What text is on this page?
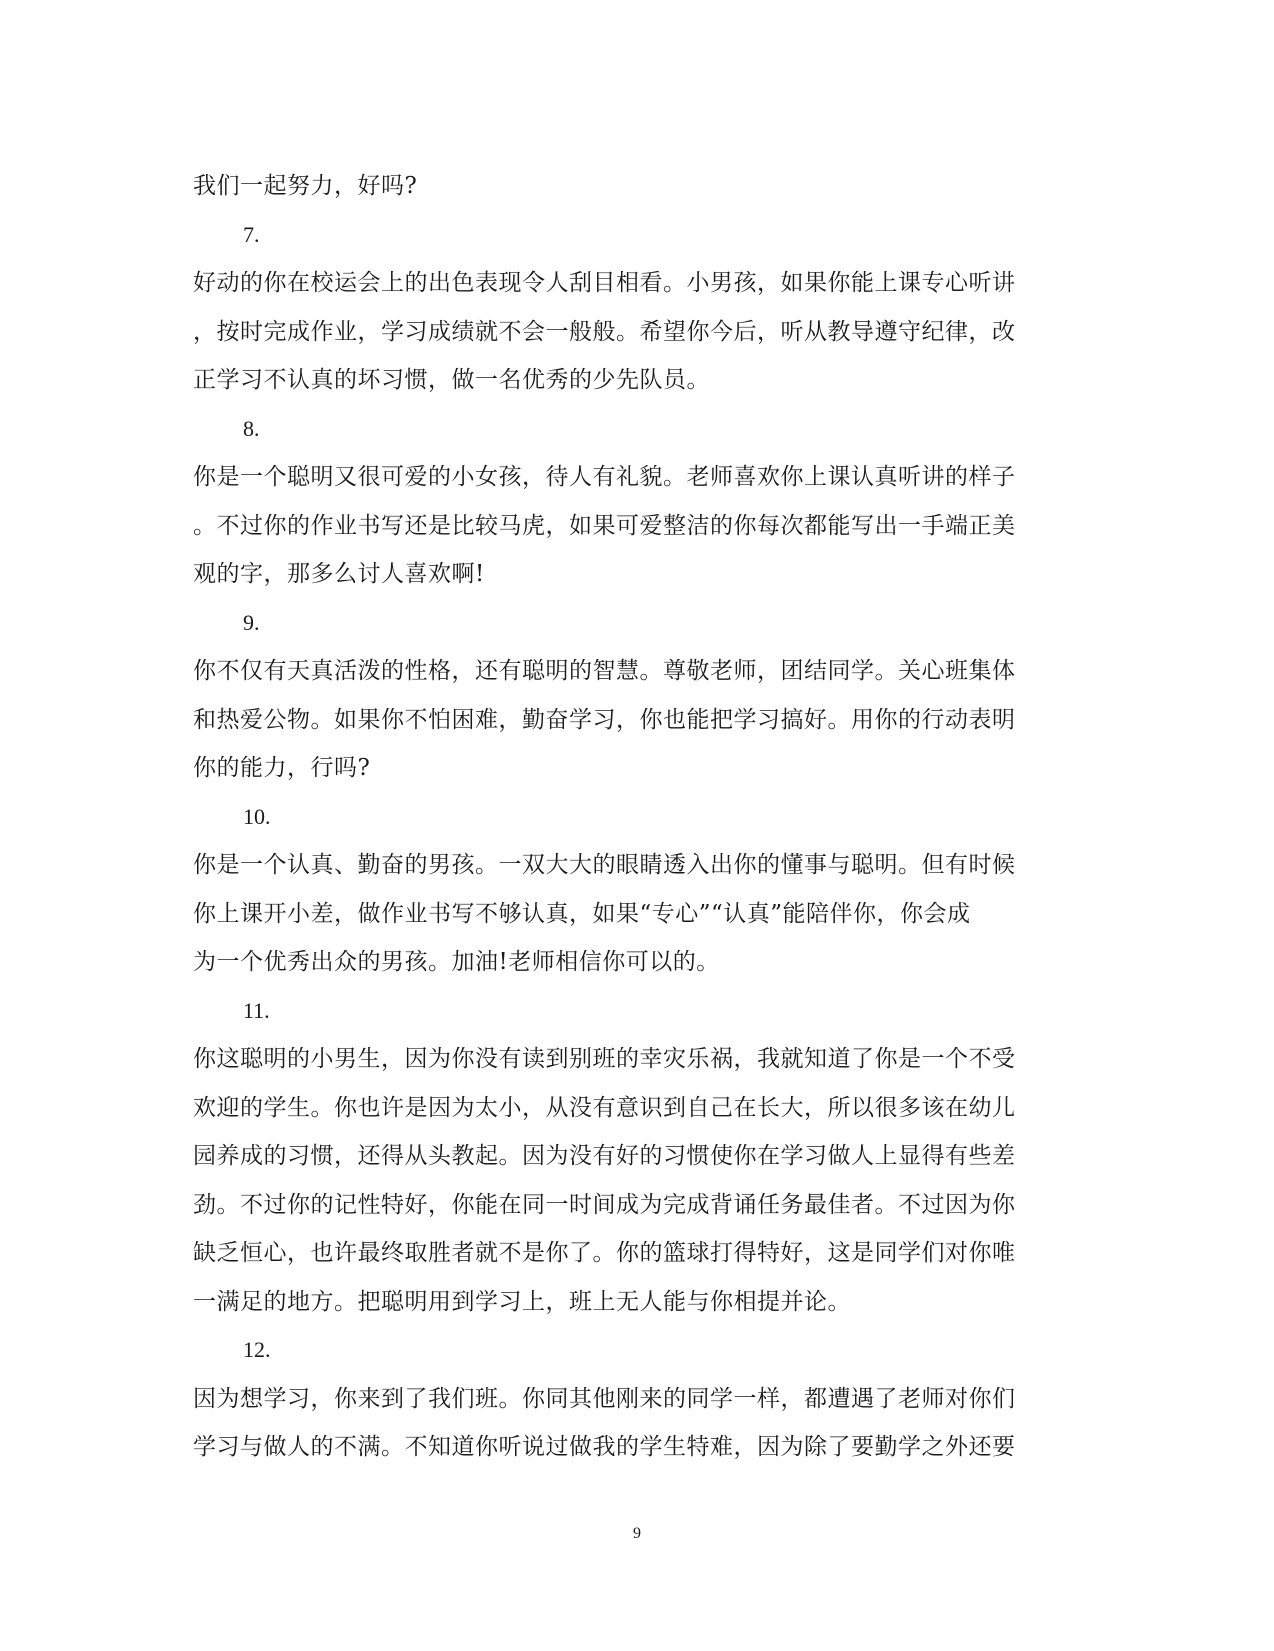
我们一起努力，好吗?

7.

好动的你在校运会上的出色表现令人刮目相看。小男孩，如果你能上课专心听讲

，按时完成作业，学习成绩就不会一般般。希望你今后，听从教导遵守纪律，改

正学习不认真的坏习惯，做一名优秀的少先队员。

8.

你是一个聪明又很可爱的小女孩，待人有礼貌。老师喜欢你上课认真听讲的样子

。不过你的作业书写还是比较马虎，如果可爱整洁的你每次都能写出一手端正美

观的字，那多么讨人喜欢啊!

9.

你不仅有天真活泼的性格，还有聪明的智慧。尊敬老师，团结同学。关心班集体

和热爱公物。如果你不怕困难，勤奋学习，你也能把学习搞好。用你的行动表明

你的能力，行吗?

10.

你是一个认真、勤奋的男孩。一双大大的眼睛透入出你的懂事与聪明。但有时候

你上课开小差，做作业书写不够认真，如果“专心”“认真”能陪伴你，你会成

为一个优秀出众的男孩。加油!老师相信你可以的。

11.

你这聪明的小男生，因为你没有读到别班的幸灾乐祸，我就知道了你是一个不受

欢迎的学生。你也许是因为太小，从没有意识到自己在长大，所以很多该在幼儿

园养成的习惯，还得从头教起。因为没有好的习惯使你在学习做人上显得有些差

劲。不过你的记性特好，你能在同一时间成为完成背诵任务最佳者。不过因为你

缺乏恒心，也许最终取胜者就不是你了。你的篮球打得特好，这是同学们对你唯

一满足的地方。把聪明用到学习上，班上无人能与你相提并论。

12.

因为想学习，你来到了我们班。你同其他刚来的同学一样，都遭遇了老师对你们

学习与做人的不满。不知道你听说过做我的学生特难，因为除了要勤学之外还要

9
